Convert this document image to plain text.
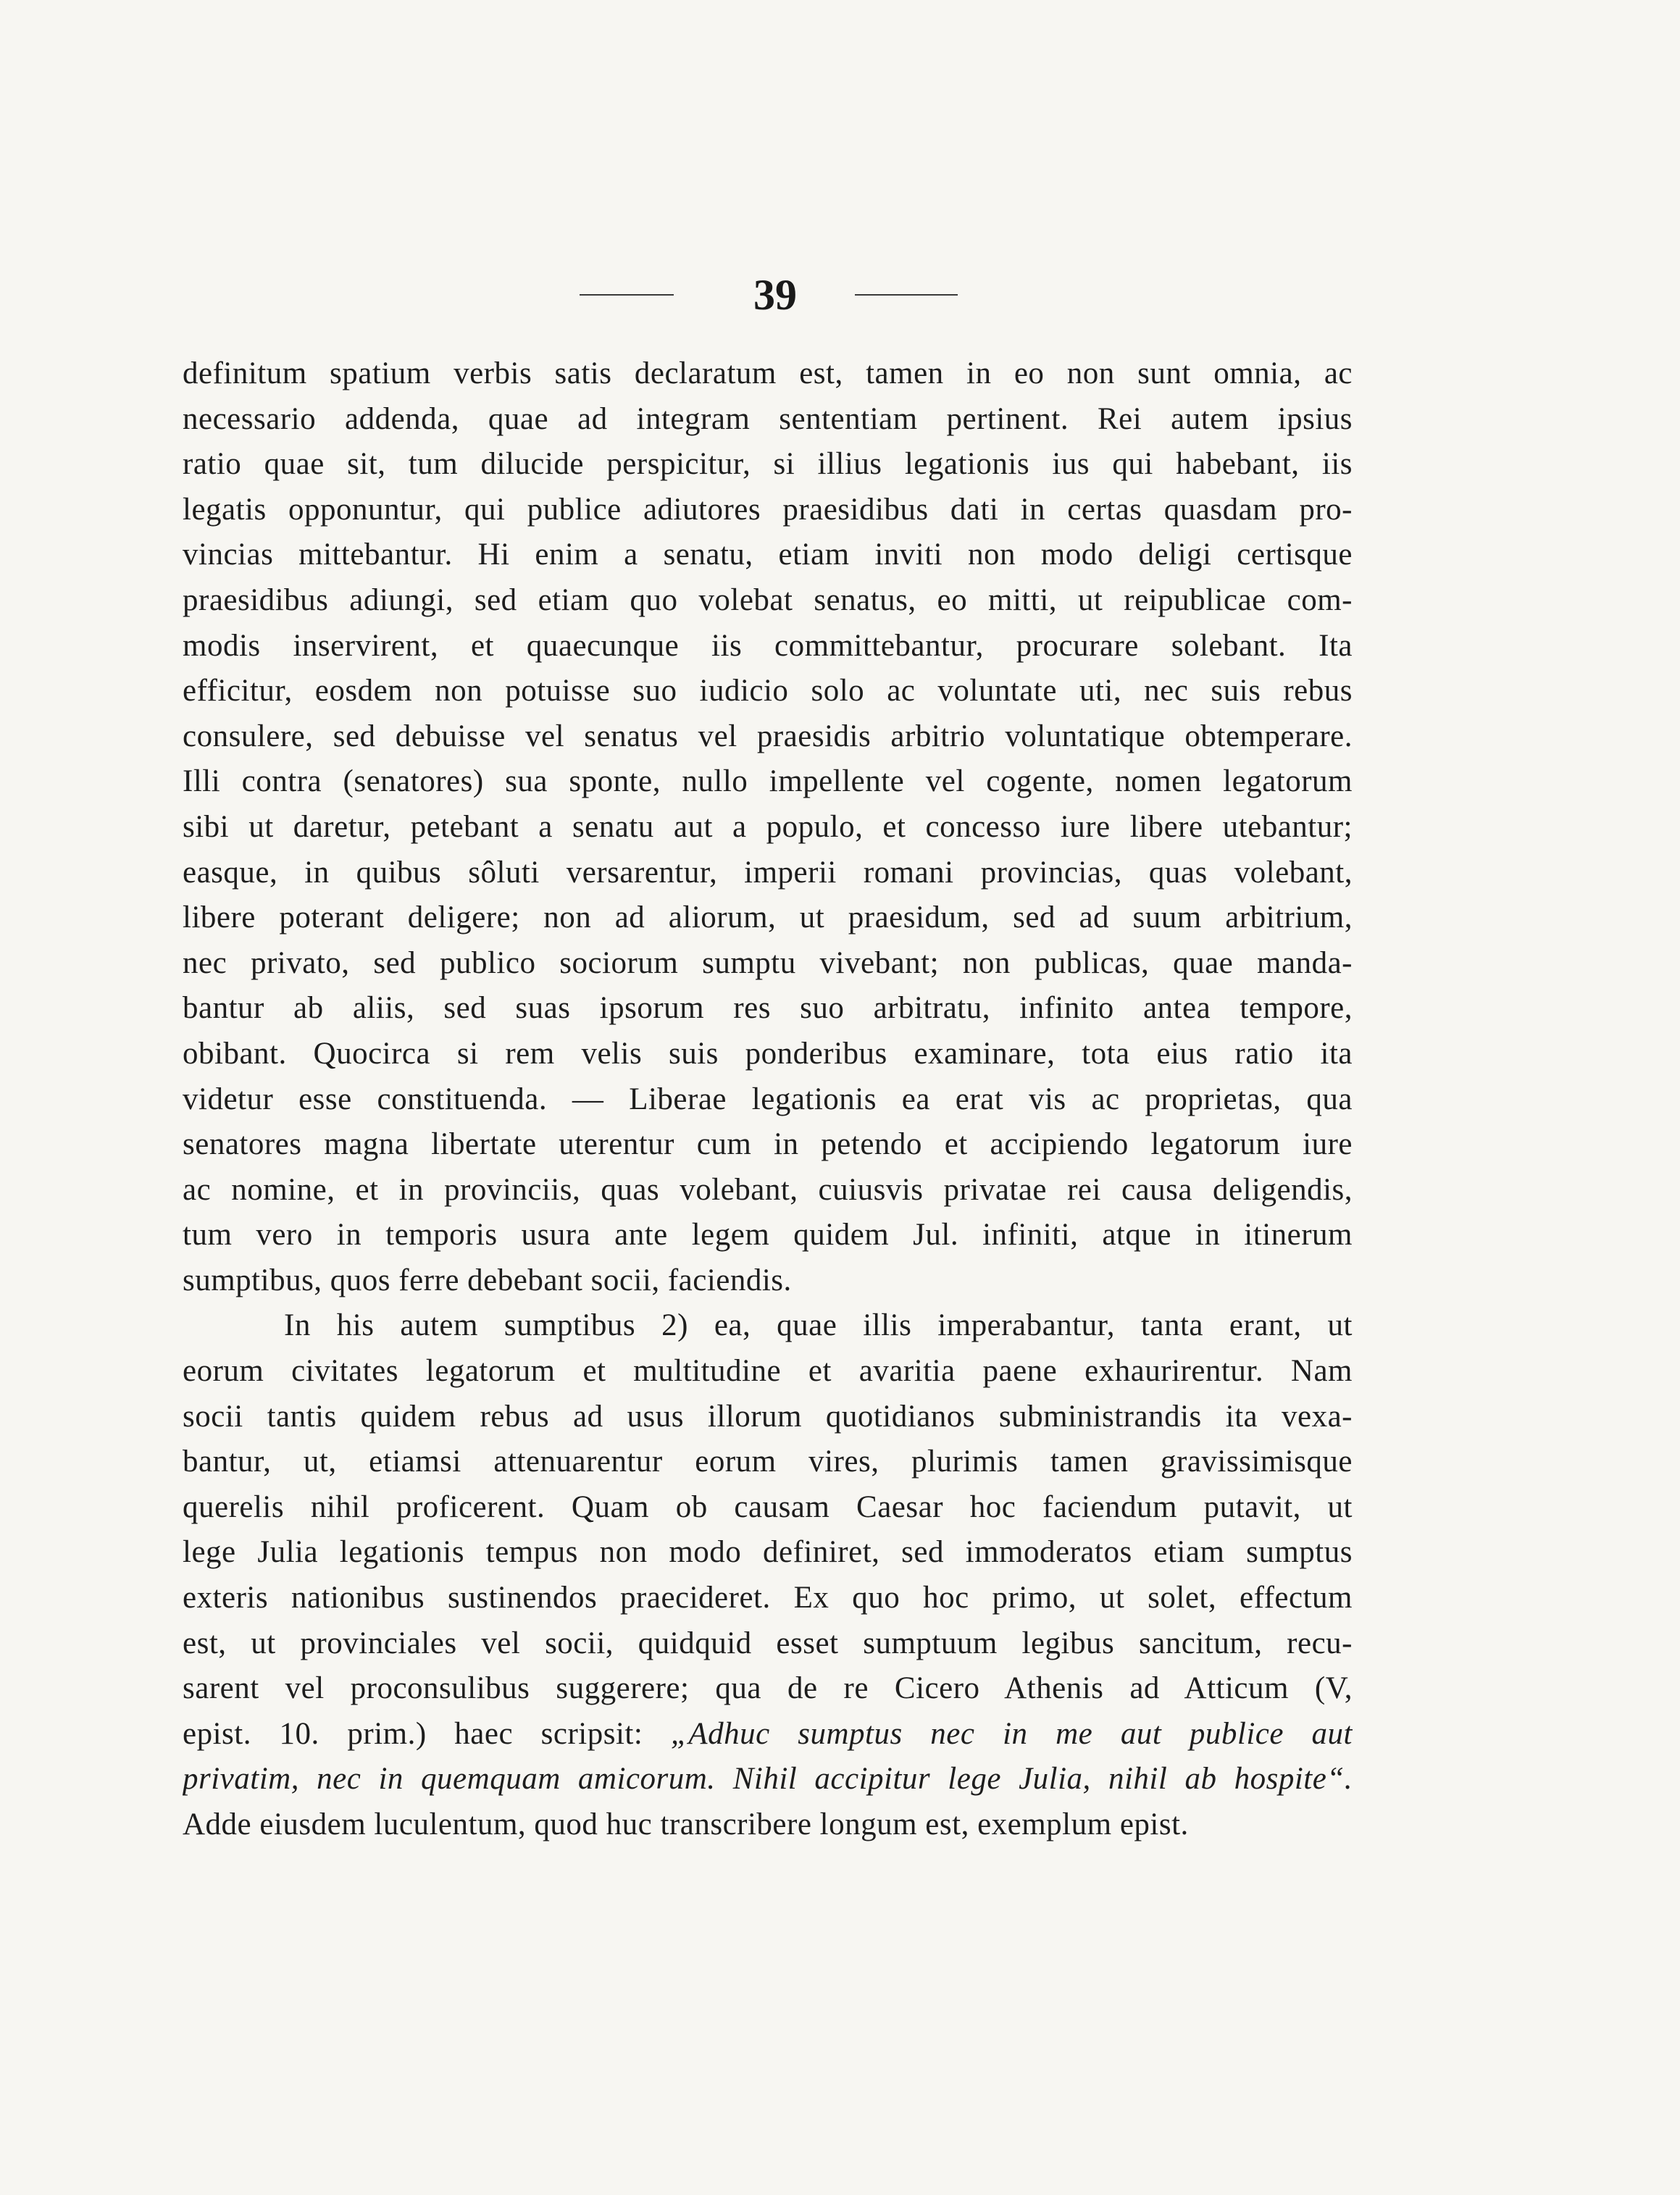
39
definitum spatium verbis satis declaratum est, tamen in eo non sunt omnia, ac
necessario addenda, quae ad integram sententiam pertinent. Rei autem ipsius
ratio quae sit, tum dilucide perspicitur, si illius legationis ius qui habebant, iis
legatis opponuntur, qui publice adiutores praesidibus dati in certas quasdam pro-
vincias mittebantur. Hi enim a senatu, etiam inviti non modo deligi certisque
praesidibus adiungi, sed etiam quo volebat senatus, eo mitti, ut reipublicae com-
modis inservirent, et quaecunque iis committebantur, procurare solebant. Ita
efficitur, eosdem non potuisse suo iudicio solo ac voluntate uti, nec suis rebus
consulere, sed debuisse vel senatus vel praesidis arbitrio voluntatique obtemperare.
Illi contra (senatores) sua sponte, nullo impellente vel cogente, nomen legatorum
sibi ut daretur, petebant a senatu aut a populo, et concesso iure libere utebantur;
easque, in quibus sôluti versarentur, imperii romani provincias, quas volebant,
libere poterant deligere; non ad aliorum, ut praesidum, sed ad suum arbitrium,
nec privato, sed publico sociorum sumptu vivebant; non publicas, quae manda-
bantur ab aliis, sed suas ipsorum res suo arbitratu, infinito antea tempore,
obibant. Quocirca si rem velis suis ponderibus examinare, tota eius ratio ita
videtur esse constituenda. — Liberae legationis ea erat vis ac proprietas, qua
senatores magna libertate uterentur cum in petendo et accipiendo legatorum iure
ac nomine, et in provinciis, quas volebant, cuiusvis privatae rei causa deligendis,
tum vero in temporis usura ante legem quidem Jul. infiniti, atque in itinerum
sumptibus, quos ferre debebant socii, faciendis.
In his autem sumptibus 2) ea, quae illis imperabantur, tanta erant, ut
eorum civitates legatorum et multitudine et avaritia paene exhaurirentur. Nam
socii tantis quidem rebus ad usus illorum quotidianos subministrandis ita vexa-
bantur, ut, etiamsi attenuarentur eorum vires, plurimis tamen gravissimisque
querelis nihil proficerent. Quam ob causam Caesar hoc faciendum putavit, ut
lege Julia legationis tempus non modo definiret, sed immoderatos etiam sumptus
exteris nationibus sustinendos praecideret. Ex quo hoc primo, ut solet, effectum
est, ut provinciales vel socii, quidquid esset sumptuum legibus sancitum, recu-
sarent vel proconsulibus suggerere; qua de re Cicero Athenis ad Atticum (V,
epist. 10. prim.) haec scripsit: „Adhuc sumptus nec in me aut publice aut
privatim, nec in quemquam amicorum. Nihil accipitur lege Julia, nihil ab hospite“.
Adde eiusdem luculentum, quod huc transcribere longum est, exemplum epist.
